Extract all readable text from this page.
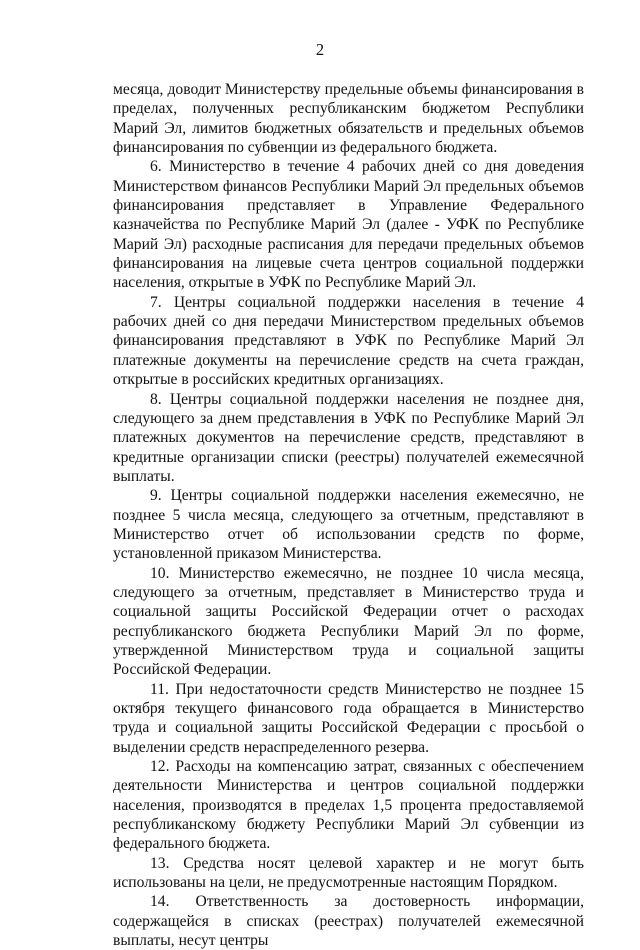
2

месяца, доводит Министерству предельные объемы финансирования в пределах, полученных республиканским бюджетом Республики Марий Эл, лимитов бюджетных обязательств и предельных объемов финансирования по субвенции из федерального бюджета.

6. Министерство в течение 4 рабочих дней со дня доведения Министерством финансов Республики Марий Эл предельных объемов финансирования представляет в Управление Федерального казначейства по Республике Марий Эл (далее - УФК по Республике Марий Эл) расходные расписания для передачи предельных объемов финансирования на лицевые счета центров социальной поддержки населения, открытые в УФК по Республике Марий Эл.

7. Центры социальной поддержки населения в течение 4 рабочих дней со дня передачи Министерством предельных объемов финансирования представляют в УФК по Республике Марий Эл платежные документы на перечисление средств на счета граждан, открытые в российских кредитных организациях.

8. Центры социальной поддержки населения не позднее дня, следующего за днем представления в УФК по Республике Марий Эл платежных документов на перечисление средств, представляют в кредитные организации списки (реестры) получателей ежемесячной выплаты.

9. Центры социальной поддержки населения ежемесячно, не позднее 5 числа месяца, следующего за отчетным, представляют в Министерство отчет об использовании средств по форме, установленной приказом Министерства.

10. Министерство ежемесячно, не позднее 10 числа месяца, следующего за отчетным, представляет в Министерство труда и социальной защиты Российской Федерации отчет о расходах республиканского бюджета Республики Марий Эл по форме, утвержденной Министерством труда и социальной защиты Российской Федерации.

11. При недостаточности средств Министерство не позднее 15 октября текущего финансового года обращается в Министерство труда и социальной защиты Российской Федерации с просьбой о выделении средств нераспределенного резерва.

12. Расходы на компенсацию затрат, связанных с обеспечением деятельности Министерства и центров социальной поддержки населения, производятся в пределах 1,5 процента предоставляемой республиканскому бюджету Республики Марий Эл субвенции из федерального бюджета.

13. Средства носят целевой характер и не могут быть использованы на цели, не предусмотренные настоящим Порядком.

14. Ответственность за достоверность информации, содержащейся в списках (реестрах) получателей ежемесячной выплаты, несут центры
